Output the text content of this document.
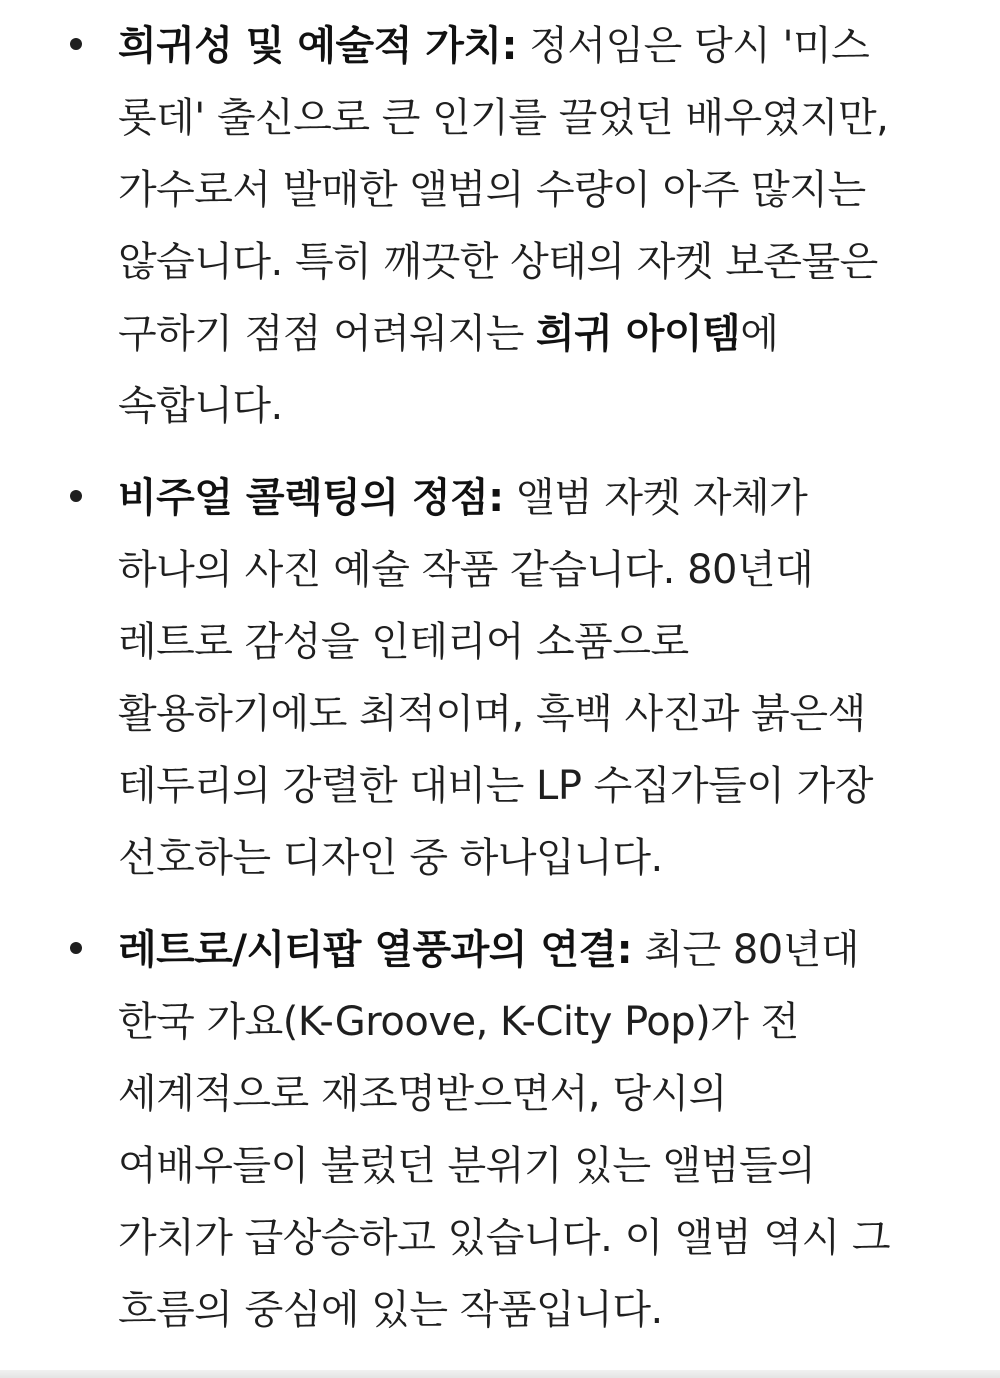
희귀성 및 예술적 가치: 정서임은 당시 '미스
롯데' 출신으로 큰 인기를 끌었던 배우였지만,
가수로서 발매한 앨범의 수량이 아주 많지는
않습니다. 특히 깨끗한 상태의 자켓 보존물은
구하기 점점 어려워지는 희귀 아이템에
속합니다.
비주얼 콜렉팅의 정점: 앨범 자켓 자체가
하나의 사진 예술 작품 같습니다. 80년대
레트로 감성을 인테리어 소품으로
활용하기에도 최적이며, 흑백 사진과 붉은색
테두리의 강렬한 대비는 LP 수집가들이 가장
선호하는 디자인 중 하나입니다.
레트로/시티팝 열풍과의 연결: 최근 80년대
한국 가요(K-Groove, K-City Pop)가 전
세계적으로 재조명받으면서, 당시의
여배우들이 불렀던 분위기 있는 앨범들의
가치가 급상승하고 있습니다. 이 앨범 역시 그
흐름의 중심에 있는 작품입니다.
